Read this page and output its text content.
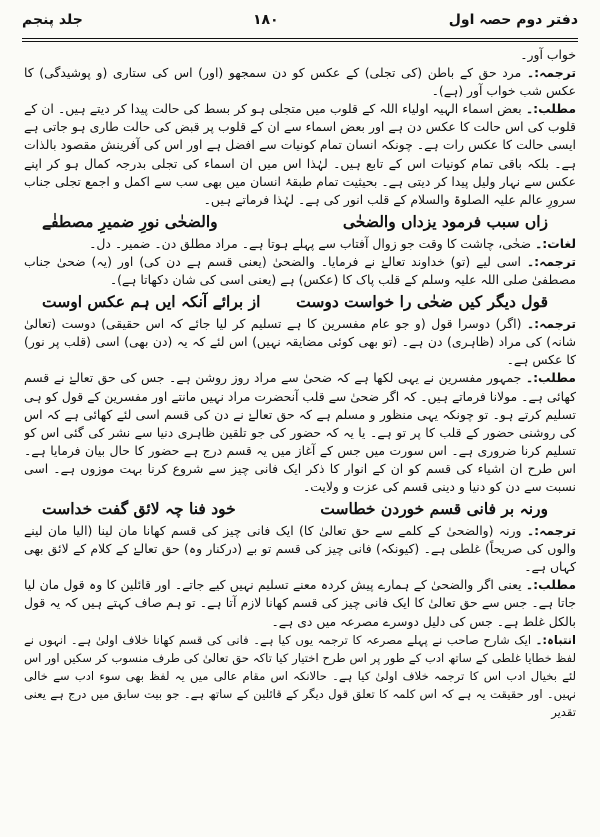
دفتر دوم حصہ اول
۱۸۰
جلد پنجم

خواب آور۔

ترجمہ:۔ مرد حق کے باطن (کی تجلی) کے عکس کو دن سمجھو (اور) اس کی ستاری (و پوشیدگی) کا عکس شب خواب آور (ہے)۔

مطلب:۔ بعض اسماء الہیہ اولیاء اللہ کے قلوب میں متجلی ہو کر بسط کی حالت پیدا کر دیتے ہیں۔ ان کے قلوب کی اس حالت کا عکس دن ہے اور بعض اسماء سے ان کے قلوب پر قبض کی حالت طاری ہو جاتی ہے ایسی حالت کا عکس رات ہے۔ چونکہ انسان تمام کونیات سے افضل ہے اور اس کی آفرینش مقصود بالذات ہے۔ بلکہ باقی تمام کونیات اس کے تابع ہیں۔ لہٰذا اس میں ان اسماء کی تجلی بدرجہ کمال ہو کر اپنے عکس سے نہار ولیل پیدا کر دیتی ہے۔ بحیثیت تمام طبقۂ انسان میں بھی سب سے اکمل و اجمع تجلی جناب سرورِ عالم علیہ الصلوۃ والسلام کے قلب انور کی ہے۔ لہٰذا فرماتے ہیں۔

زاں سبب فرمود یزداں والضحٰی
والضحٰی نورِ ضمیرِ مصطفٰے

لغات:۔ ضحٰی، چاشت کا وقت جو زوال آفتاب سے پہلے ہوتا ہے۔ مراد مطلق دن۔ ضمیر۔ دل۔

ترجمہ:۔ اسی لیے (تو) خداوند تعالےٰ نے فرمایا۔ والضحیٰ (یعنی قسم ہے دن کی) اور (یہ) ضحیٰ جناب مصطفیٰ صلی اللہ علیہ وسلم کے قلب پاک کا (عکس) ہے (یعنی اسی کی شان دکھاتا ہے)۔

قول دیگر کیں ضحٰی را خواست دوست
از برائے آنکہ ایں ہم عکس اوست

ترجمہ:۔ (اگر) دوسرا قول (و جو عام مفسرین کا ہے تسلیم کر لیا جائے کہ اس حقیقی) دوست (تعالیٰ شانہ) کی مراد (ظاہری) دن ہے۔ (تو بھی کوئی مضایقہ نہیں) اس لئے کہ یہ (دن بھی) اسی (قلب پر نور) کا عکس ہے۔

مطلب:۔ جمہور مفسرین نے یہی لکھا ہے کہ ضحیٰ سے مراد روز روشن ہے۔ جس کی حق تعالےٰ نے قسم کھائی ہے۔ مولانا فرماتے ہیں۔ کہ اگر ضحیٰ سے قلب آنحضرت مراد نہیں مانتے اور مفسرین کے قول کو ہی تسلیم کرتے ہو۔ تو چونکہ یہی منظور و مسلم ہے کہ حق تعالےٰ نے دن کی قسم اسی لئے کھائی ہے کہ اس کی روشنی حضور کے قلب کا پر تو ہے۔ یا یہ کہ حضور کی جو تلقین ظاہری دنیا سے نشر کی گئی اس کو تسلیم کرنا ضروری ہے۔ اس سورت میں جس کے آغاز میں یہ قسم درج ہے حضور کا حال بیان فرمایا ہے۔ اس طرح ان اشیاء کی قسم کو ان کے انوار کا ذکر ایک فانی چیز سے شروع کرنا بہت موزوں ہے۔ اسی نسبت سے دن کو دنیا و دینی قسم کی عزت و ولایت۔

ورنہ بر فانی قسم خوردن خطاست
خود فنا چہ لائق گفت خداست

ترجمہ:۔ ورنہ (والضحیٰ کے کلمے سے حق تعالیٰ کا) ایک فانی چیز کی قسم کھانا مان لینا (الیا مان لینے والوں کی صریحاً) غلطی ہے۔ (کیونکہ) فانی چیز کی قسم تو بے (درکنار وہ) حق تعالےٰ کے کلام کے لائق بھی کہاں ہے۔

مطلب:۔ یعنی اگر والضحیٰ کے ہمارے پیش کردہ معنے تسلیم نہیں کیے جاتے۔ اور قائلین کا وہ قول مان لیا جاتا ہے۔ جس سے حق تعالیٰ کا ایک فانی چیز کی قسم کھانا لازم آتا ہے۔ تو ہم صاف کہتے ہیں کہ یہ قول بالکل غلط ہے۔ جس کی دلیل دوسرے مصرعہ میں دی ہے۔

انتباہ:۔ ایک شارح صاحب نے پہلے مصرعہ کا ترجمہ یوں کیا ہے۔ فانی کی قسم کھانا خلاف اولیٰ ہے۔ انہوں نے لفظ خطایا غلطی کے ساتھ ادب کے طور پر اس طرح اختیار کیا تاکہ حق تعالیٰ کی طرف منسوب کر سکیں اور اس لئے بخیال ادب اس کا ترجمہ خلاف اولیٰ کیا ہے۔ حالانکہ اس مقام عالی میں یہ لفظ بھی سوء ادب سے خالی نہیں۔ اور حقیقت یہ ہے کہ اس کلمہ کا تعلق قول دیگر کے قائلین کے ساتھ ہے۔ جو بیت سابق میں درج ہے یعنی تقدیر
